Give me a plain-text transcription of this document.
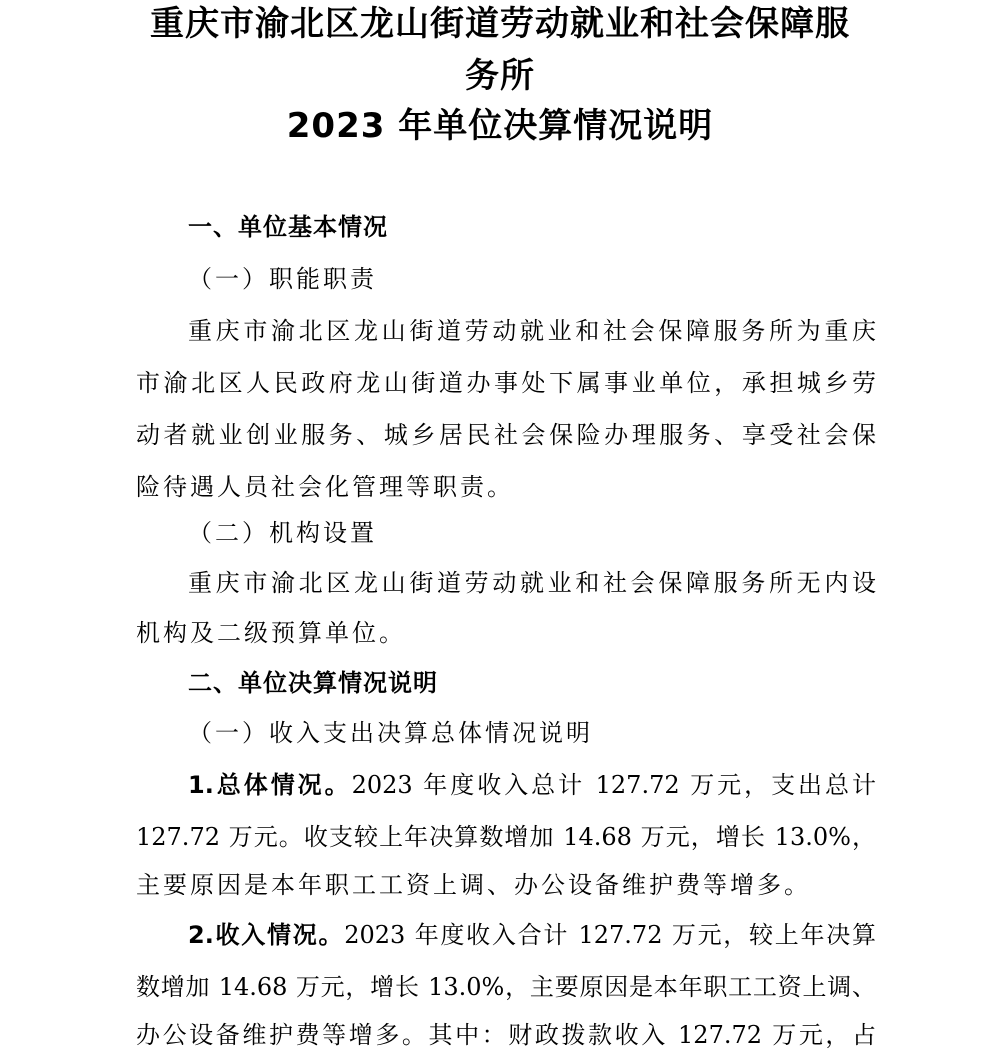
重庆市渝北区龙山街道劳动就业和社会保障服
务所
2023 年单位决算情况说明
一、单位基本情况
（一）职能职责
重庆市渝北区龙山街道劳动就业和社会保障服务所为重庆
市渝北区人民政府龙山街道办事处下属事业单位，承担城乡劳
动者就业创业服务、城乡居民社会保险办理服务、享受社会保
险待遇人员社会化管理等职责。
（二）机构设置
重庆市渝北区龙山街道劳动就业和社会保障服务所无内设
机构及二级预算单位。
二、单位决算情况说明
（一）收入支出决算总体情况说明
1.总体情况。2023 年度收入总计 127.72 万元，支出总计
127.72 万元。收支较上年决算数增加 14.68 万元，增长 13.0%，
主要原因是本年职工工资上调、办公设备维护费等增多。
2.收入情况。2023 年度收入合计 127.72 万元，较上年决算
数增加 14.68 万元，增长 13.0%，主要原因是本年职工工资上调、
办公设备维护费等增多。其中：财政拨款收入 127.72 万元，占
